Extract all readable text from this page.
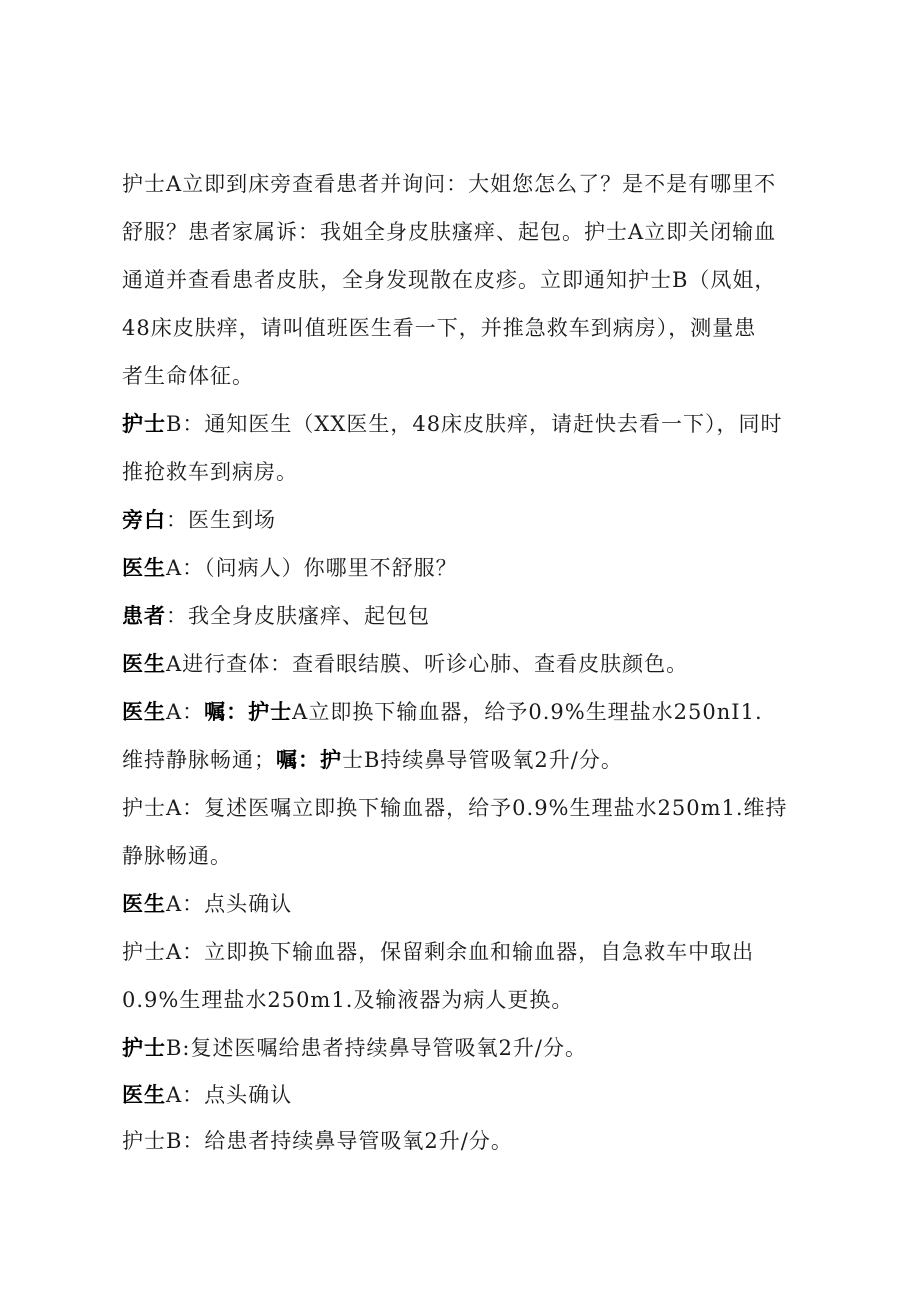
护士A立即到床旁查看患者并询问：大姐您怎么了？是不是有哪里不
舒服？患者家属诉：我姐全身皮肤瘙痒、起包。护士A立即关闭输血
通道并查看患者皮肤，全身发现散在皮疹。立即通知护士B（凤姐，
48床皮肤痒，请叫值班医生看一下，并推急救车到病房），测量患
者生命体征。

护士B：通知医生（XX医生，48床皮肤痒，请赶快去看一下），同时
推抢救车到病房。

旁白：医生到场

医生A：（问病人）你哪里不舒服？

患者：我全身皮肤瘙痒、起包包

医生A进行查体：查看眼结膜、听诊心肺、查看皮肤颜色。

医生A：嘱：护士A立即换下输血器，给予0.9%生理盐水250nI1.
维持静脉畅通；嘱：护士B持续鼻导管吸氧2升/分。

护士A：复述医嘱立即换下输血器，给予0.9%生理盐水250m1.维持
静脉畅通。

医生A：点头确认

护士A：立即换下输血器，保留剩余血和输血器，自急救车中取出
0.9%生理盐水250m1.及输液器为病人更换。

护士B:复述医嘱给患者持续鼻导管吸氧2升/分。

医生A：点头确认

护士B：给患者持续鼻导管吸氧2升/分。
